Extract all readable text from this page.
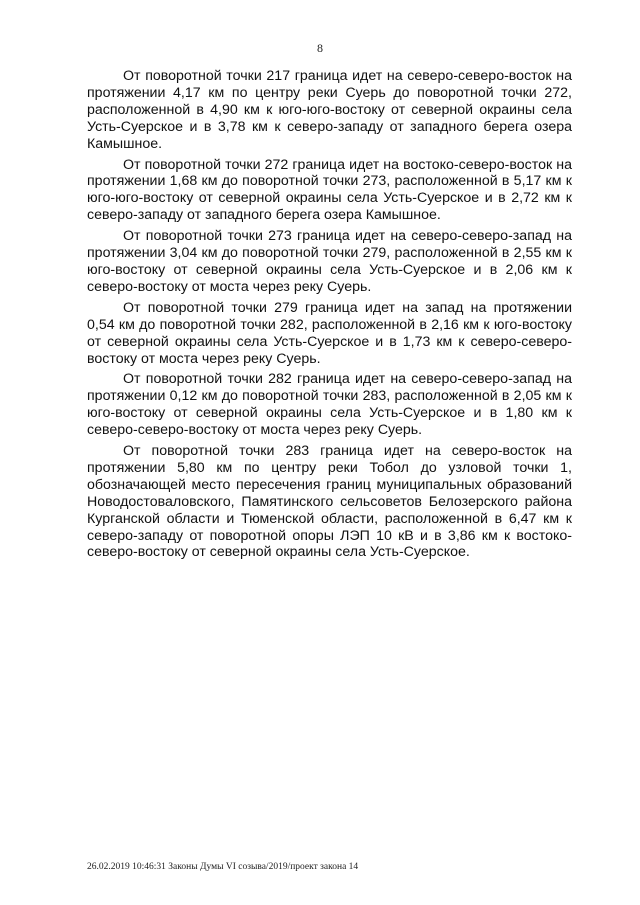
8

От поворотной точки 217 граница идет на северо-северо-восток на протяжении 4,17 км по центру реки Суерь до поворотной точки 272, расположенной в 4,90 км к юго-юго-востоку от северной окраины села Усть-Суерское и в 3,78 км к северо-западу от западного берега озера Камышное.

От поворотной точки 272 граница идет на востоко-северо-восток на протяжении 1,68 км до поворотной точки 273, расположенной в 5,17 км к юго-юго-востоку от северной окраины села Усть-Суерское и в 2,72 км к северо-западу от западного берега озера Камышное.

От поворотной точки 273 граница идет на северо-северо-запад на протяжении 3,04 км до поворотной точки 279, расположенной в 2,55 км к юго-востоку от северной окраины села Усть-Суерское и в 2,06 км к северо-востоку от моста через реку Суерь.

От поворотной точки 279 граница идет на запад на протяжении 0,54 км до поворотной точки 282, расположенной в 2,16 км к юго-востоку от северной окраины села Усть-Суерское и в 1,73 км к северо-северо-востоку от моста через реку Суерь.

От поворотной точки 282 граница идет на северо-северо-запад на протяжении 0,12 км до поворотной точки 283, расположенной в 2,05 км к юго-востоку от северной окраины села Усть-Суерское и в 1,80 км к северо-северо-востоку от моста через реку Суерь.

От поворотной точки 283 граница идет на северо-восток на протяжении 5,80 км по центру реки Тобол до узловой точки 1, обозначающей место пересечения границ муниципальных образований Новодостоваловского, Памятинского сельсоветов Белозерского района Курганской области и Тюменской области, расположенной в 6,47 км к северо-западу от поворотной опоры ЛЭП 10 кВ и в 3,86 км к востоко-северо-востоку от северной окраины села Усть-Суерское.

26.02.2019 10:46:31 Законы Думы VI созыва/2019/проект закона 14
